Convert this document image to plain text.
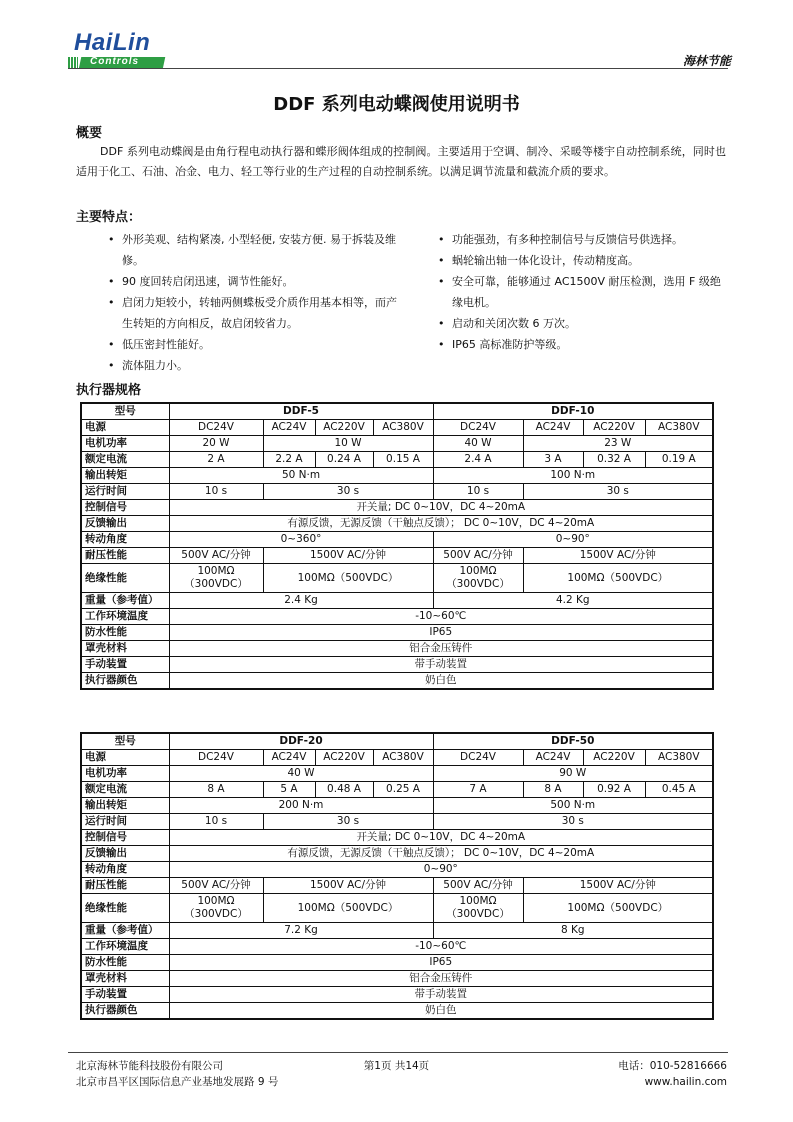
HaiLin
Controls	海林节能
DDF 系列电动蝶阀使用说明书
概要
DDF 系列电动蝶阀是由角行程电动执行器和蝶形阀体组成的控制阀。主要适用于空调、制冷、采暖等楼宇自动控制系统，同时也适用于化工、石油、冶金、电力、轻工等行业的生产过程的自动控制系统。以满足调节流量和截流介质的要求。
主要特点：
• 外形美观、结构紧凑, 小型轻便, 安装方便. 易于拆装及维修。
• 90 度回转启闭迅速，调节性能好。
• 启闭力矩较小，转轴两侧蝶板受介质作用基本相等，而产生转矩的方向相反，故启闭较省力。
• 低压密封性能好。
• 流体阻力小。
• 功能强劲，有多种控制信号与反馈信号供选择。
• 蜗轮输出轴一体化设计，传动精度高。
• 安全可靠，能够通过 AC1500V 耐压检测，选用 F 级绝缘电机。
• 启动和关闭次数 6 万次。
• IP65 高标准防护等级。
执行器规格
型号	DDF-5				DDF-10			
电源	DC24V	AC24V	AC220V	AC380V	DC24V	AC24V	AC220V	AC380V
电机功率	20 W	10 W			40 W	23 W		
额定电流	2 A	2.2 A	0.24 A	0.15 A	2.4 A	3 A	0.32 A	0.19 A
输出转矩	50 N·m				100 N·m			
运行时间	10 s	30 s			10 s	30 s		
控制信号	开关量; DC 0~10V，DC 4~20mA							
反馈输出	有源反馈，无源反馈（干触点反馈）； DC 0~10V，DC 4~20mA							
转动角度	0~360°				0~90°			
耐压性能	500V AC/分钟	1500V AC/分钟			500V AC/分钟	1500V AC/分钟		
绝缘性能	100MΩ （300VDC）	100MΩ（500VDC）			100MΩ （300VDC）	100MΩ（500VDC）		
重量（参考值）	2.4 Kg				4.2 Kg			
工作环境温度	-10~60℃							
防水性能	IP65							
罩壳材料	铝合金压铸件							
手动装置	带手动装置							
执行器颜色	奶白色							
型号	DDF-20				DDF-50			
电源	DC24V	AC24V	AC220V	AC380V	DC24V	AC24V	AC220V	AC380V
电机功率	40 W				90 W			
额定电流	8 A	5 A	0.48 A	0.25 A	7 A	8 A	0.92 A	0.45 A
输出转矩	200 N·m				500 N·m			
运行时间	10 s	30 s			30 s			
控制信号	开关量; DC 0~10V，DC 4~20mA							
反馈输出	有源反馈，无源反馈（干触点反馈）； DC 0~10V，DC 4~20mA							
转动角度	0~90°							
耐压性能	500V AC/分钟	1500V AC/分钟			500V AC/分钟	1500V AC/分钟		
绝缘性能	100MΩ （300VDC）	100MΩ（500VDC）			100MΩ （300VDC）	100MΩ（500VDC）		
重量（参考值）	7.2 Kg				8 Kg			
工作环境温度	-10~60℃							
防水性能	IP65							
罩壳材料	铝合金压铸件							
手动装置	带手动装置							
执行器颜色	奶白色							
北京海林节能科技股份有限公司
北京市昌平区国际信息产业基地发展路 9 号
第1页 共14页	电话：010-52816666
www.hailin.com
